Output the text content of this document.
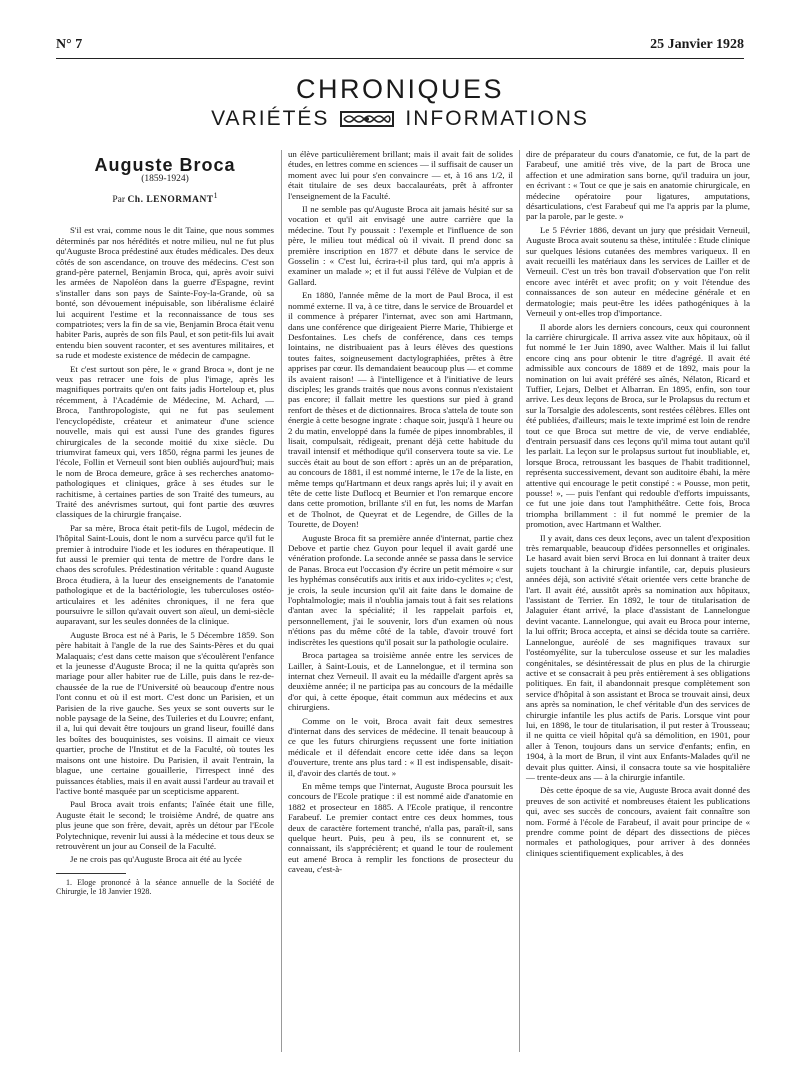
N° 7	25 Janvier 1928
CHRONIQUES
VARIÉTÉS	INFORMATIONS
Auguste Broca
(1859-1924)
Par Ch. LENORMANT$^1$

S'il est vrai, comme nous le dit Taine, que nous sommes déterminés par nos hérédités et notre milieu, nul ne fut plus qu'Auguste Broca prédestiné aux études médicales. Des deux côtés de son ascendance, on trouve des médecins. C'est son grand-père paternel, Benjamin Broca, qui, après avoir suivi les armées de Napoléon dans la guerre d'Espagne, revint s'installer dans son pays de Sainte-Foy-la-Grande, où sa bonté, son dévouement inépuisable, son libéralisme éclairé lui acquirent l'estime et la reconnaissance de tous ses compatriotes; vers la fin de sa vie, Benjamin Broca était venu habiter Paris, auprès de son fils Paul, et son petit-fils lui avait entendu bien souvent raconter, et ses aventures militaires, et sa rude et modeste existence de médecin de campagne.

Et c'est surtout son père, le « grand Broca », dont je ne veux pas retracer une fois de plus l'image, après les magnifiques portraits qu'en ont faits jadis Horteloup et, plus récemment, à l'Académie de Médecine, M. Achard, — Broca, l'anthropologiste, qui ne fut pas seulement l'encyclopédiste, créateur et animateur d'une science nouvelle, mais qui est aussi l'une des grandes figures chirurgicales de la seconde moitié du xixe siècle. Du triumvirat fameux qui, vers 1850, régna parmi les jeunes de l'école, Follin et Verneuil sont bien oubliés aujourd'hui; mais le nom de Broca demeure, grâce à ses recherches anatomo-pathologiques et cliniques, grâce à ses études sur le rachitisme, à certaines parties de son Traité des tumeurs, au Traité des anévrismes surtout, qui font partie des œuvres classiques de la chirurgie française.

Par sa mère, Broca était petit-fils de Lugol, médecin de l'hôpital Saint-Louis, dont le nom a survécu parce qu'il fut le premier à introduire l'iode et les iodures en thérapeutique. Il fut aussi le premier qui tenta de mettre de l'ordre dans le chaos des scrofules. Prédestination véritable : quand Auguste Broca étudiera, à la lueur des enseignements de l'anatomie pathologique et de la bactériologie, les tuberculoses ostéo-articulaires et les adénites chroniques, il ne fera que poursuivre le sillon qu'avait ouvert son aïeul, un demi-siècle auparavant, sur les seules données de la clinique.

Auguste Broca est né à Paris, le 5 Décembre 1859. Son père habitait à l'angle de la rue des Saints-Pères et du quai Malaquais; c'est dans cette maison que s'écoulèrent l'enfance et la jeunesse d'Auguste Broca; il ne la quitta qu'après son mariage pour aller habiter rue de Lille, puis dans le rez-de-chaussée de la rue de l'Université où beaucoup d'entre nous l'ont connu et où il est mort. C'est donc un Parisien, et un Parisien de la rive gauche. Ses yeux se sont ouverts sur le noble paysage de la Seine, des Tuileries et du Louvre; enfant, il a, lui qui devait être toujours un grand liseur, fouillé dans les boîtes des bouquinistes, ses voisins. Il aimait ce vieux quartier, proche de l'Institut et de la Faculté, où toutes les maisons ont une histoire. Du Parisien, il avait l'entrain, la blague, une certaine gouaillerie, l'irrespect inné des puissances établies, mais il en avait aussi l'ardeur au travail et l'active bonté masquée par un scepticisme apparent.

Paul Broca avait trois enfants; l'aînée était une fille, Auguste était le second; le troisième André, de quatre ans plus jeune que son frère, devait, après un détour par l'Ecole Polytechnique, revenir lui aussi à la médecine et tous deux se retrouvèrent un jour au Conseil de la Faculté.

Je ne crois pas qu'Auguste Broca ait été au lycée

1. Eloge prononcé à la séance annuelle de la Société de Chirurgie, le 18 Janvier 1928.

un élève particulièrement brillant; mais il avait fait de solides études, en lettres comme en sciences — il suffisait de causer un moment avec lui pour s'en convaincre — et, à 16 ans 1/2, il était titulaire de ses deux baccalauréats, prêt à affronter l'enseignement de la Faculté.

Il ne semble pas qu'Auguste Broca ait jamais hésité sur sa vocation et qu'il ait envisagé une autre carrière que la médecine. Tout l'y poussait : l'exemple et l'influence de son père, le milieu tout médical où il vivait. Il prend donc sa première inscription en 1877 et débute dans le service de Gosselin : « C'est lui, écrira-t-il plus tard, qui m'a appris à examiner un malade »; et il fut aussi l'élève de Vulpian et de Gallard.

En 1880, l'année même de la mort de Paul Broca, il est nommé externe. Il va, à ce titre, dans le service de Brouardel et il commence à préparer l'internat, avec son ami Hartmann, dans une conférence que dirigeaient Pierre Marie, Thibierge et Desfontaines. Les chefs de conférence, dans ces temps lointains, ne distribuaient pas à leurs élèves des questions toutes faites, soigneusement dactylographiées, prêtes à être apprises par cœur. Ils demandaient beaucoup plus — et comme ils avaient raison! — à l'intelligence et à l'initiative de leurs disciples; les grands traités que nous avons connus n'existaient pas encore; il fallait mettre les questions sur pied à grand renfort de thèses et de dictionnaires. Broca s'attela de toute son énergie à cette besogne ingrate : chaque soir, jusqu'à 1 heure ou 2 du matin, enveloppé dans la fumée de pipes innombrables, il lisait, compulsait, rédigeait, prenant déjà cette habitude du travail intensif et méthodique qu'il conservera toute sa vie. Le succès était au bout de son effort : après un an de préparation, au concours de 1881, il est nommé interne, le 17e de la liste, en même temps qu'Hartmann et deux rangs après lui; il y avait en tête de cette liste Duflocq et Beurnier et l'on remarque encore dans cette promotion, brillante s'il en fut, les noms de Marfan et de Tholnot, de Queyrat et de Legendre, de Gilles de la Tourette, de Doyen!

Auguste Broca fit sa première année d'internat, partie chez Debove et partie chez Guyon pour lequel il avait gardé une vénération profonde. La seconde année se passa dans le service de Panas. Broca eut l'occasion d'y écrire un petit mémoire « sur les hyphémas consécutifs aux iritis et aux irido-cyclites »; c'est, je crois, la seule incursion qu'il ait faite dans le domaine de l'ophtalmologie; mais il n'oublia jamais tout à fait ses relations d'antan avec la spécialité; il les rappelait parfois et, personnellement, j'ai le souvenir, lors d'un examen où nous n'étions pas du même côté de la table, d'avoir trouvé fort indiscrètes les questions qu'il posait sur la pathologie oculaire.

Broca partagea sa troisième année entre les services de Lailler, à Saint-Louis, et de Lannelongue, et il termina son internat chez Verneuil. Il avait eu la médaille d'argent après sa deuxième année; il ne participa pas au concours de la médaille d'or qui, à cette époque, était commun aux médecins et aux chirurgiens.

Comme on le voit, Broca avait fait deux semestres d'internat dans des services de médecine. Il tenait beaucoup à ce que les futurs chirurgiens reçussent une forte initiation médicale et il défendait encore cette idée dans sa leçon d'ouverture, trente ans plus tard : « Il est indispensable, disait-il, d'avoir des clartés de tout. »

En même temps que l'internat, Auguste Broca poursuit les concours de l'Ecole pratique : il est nommé aide d'anatomie en 1882 et prosecteur en 1885. A l'Ecole pratique, il rencontre Farabeuf. Le premier contact entre ces deux hommes, tous deux de caractère fortement tranché, n'alla pas, paraît-il, sans quelque heurt. Puis, peu à peu, ils se connurent et, se connaissant, ils s'apprécièrent; et quand le tour de roulement eut amené Broca à remplir les fonctions de prosecteur du caveau, c'est-à-

dire de préparateur du cours d'anatomie, ce fut, de la part de Farabeuf, une amitié très vive, de la part de Broca une affection et une admiration sans borne, qu'il traduira un jour, en écrivant : « Tout ce que je sais en anatomie chirurgicale, en médecine opératoire pour ligatures, amputations, désarticulations, c'est Farabeuf qui me l'a appris par la plume, par la parole, par le geste. »

Le 5 Février 1886, devant un jury que présidait Verneuil, Auguste Broca avait soutenu sa thèse, intitulée : Etude clinique sur quelques lésions cutanées des membres variqueux. Il en avait recueilli les matériaux dans les services de Lailler et de Verneuil. C'est un très bon travail d'observation que l'on relit encore avec intérêt et avec profit; on y voit l'étendue des connaissances de son auteur en médecine générale et en dermatologie; mais peut-être les idées pathogéniques à la Verneuil y ont-elles trop d'importance.

Il aborde alors les derniers concours, ceux qui couronnent la carrière chirurgicale. Il arriva assez vite aux hôpitaux, où il fut nommé le 1er Juin 1890, avec Walther. Mais il lui fallut encore cinq ans pour obtenir le titre d'agrégé. Il avait été admissible aux concours de 1889 et de 1892, mais pour la nomination on lui avait préféré ses aînés, Nélaton, Ricard et Tuffier, Lejars, Delbet et Albarran. En 1895, enfin, son tour arrive. Les deux leçons de Broca, sur le Prolapsus du rectum et sur la Torsalgie des adolescents, sont restées célèbres. Elles ont été publiées, d'ailleurs; mais le texte imprimé est loin de rendre tout ce que Broca sut mettre de vie, de verve endiablée, d'entrain persuasif dans ces leçons qu'il mima tout autant qu'il les parlait. La leçon sur le prolapsus surtout fut inoubliable, et, lorsque Broca, retroussant les basques de l'habit traditionnel, représenta successivement, devant son auditoire ébahi, la mère attentive qui encourage le petit constipé : « Pousse, mon petit, pousse! », — puis l'enfant qui redouble d'efforts impuissants, ce fut une joie dans tout l'amphithéâtre. Cette fois, Broca triompha brillamment : il fut nommé le premier de la promotion, avec Hartmann et Walther.

Il y avait, dans ces deux leçons, avec un talent d'exposition très remarquable, beaucoup d'idées personnelles et originales. Le hasard avait bien servi Broca en lui donnant à traiter deux sujets touchant à la chirurgie infantile, car, depuis plusieurs années déjà, son activité s'était orientée vers cette branche de l'art. Il avait été, aussitôt après sa nomination aux hôpitaux, l'assistant de Terrier. En 1892, le tour de titularisation de Jalaguier étant arrivé, la place d'assistant de Lannelongue devint vacante. Lannelongue, qui avait eu Broca pour interne, la lui offrit; Broca accepta, et ainsi se décida toute sa carrière. Lannelongue, auréolé de ses magnifiques travaux sur l'ostéomyélite, sur la tuberculose osseuse et sur les maladies congénitales, se désintéressait de plus en plus de la chirurgie active et se consacrait à peu près entièrement à ses obligations politiques. En fait, il abandonnait presque complètement son service d'hôpital à son assistant et Broca se trouvait ainsi, deux ans après sa nomination, le chef véritable d'un des services de chirurgie infantile les plus actifs de Paris. Lorsque vint pour lui, en 1898, le tour de titularisation, il put rester à Trousseau; il ne quitta ce vieil hôpital qu'à sa démolition, en 1901, pour aller à Tenon, toujours dans un service d'enfants; enfin, en 1904, à la mort de Brun, il vint aux Enfants-Malades qu'il ne devait plus quitter. Ainsi, il consacra toute sa vie hospitalière — trente-deux ans — à la chirurgie infantile.

Dès cette époque de sa vie, Auguste Broca avait donné des preuves de son activité et nombreuses étaient les publications qui, avec ses succès de concours, avaient fait connaître son nom. Formé à l'école de Farabeuf, il avait pour principe de « prendre comme point de départ des dissections de pièces normales et pathologiques, pour arriver à des données cliniques scientifiquement explicables, à des
